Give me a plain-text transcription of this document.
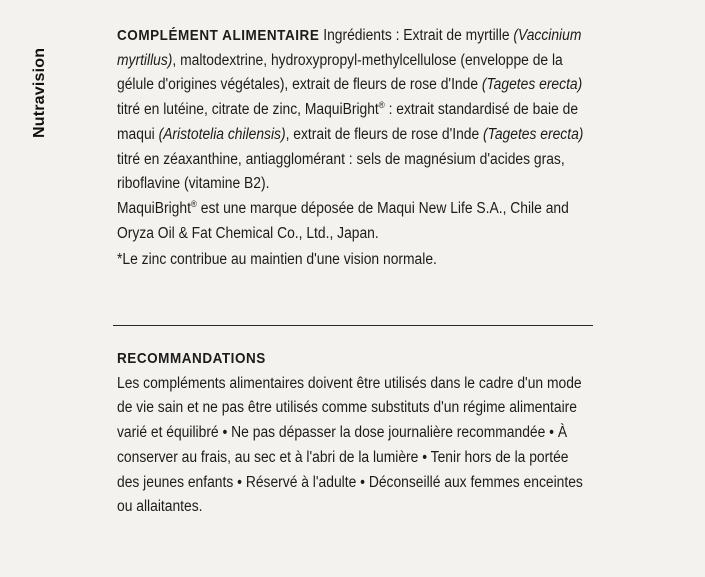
Nutravision

COMPLÉMENT ALIMENTAIRE Ingrédients : Extrait de myrtille (Vaccinium myrtillus), maltodextrine, hydroxypropyl-methylcellulose (enveloppe de la gélule d'origines végétales), extrait de fleurs de rose d'Inde (Tagetes erecta) titré en lutéine, citrate de zinc, MaquiBright® : extrait standardisé de baie de maqui (Aristotelia chilensis), extrait de fleurs de rose d'Inde (Tagetes erecta) titré en zéaxanthine, antiagglomérant : sels de magnésium d'acides gras, riboflavine (vitamine B2).

MaquiBright® est une marque déposée de Maqui New Life S.A., Chile and Oryza Oil & Fat Chemical Co., Ltd., Japan.

*Le zinc contribue au maintien d'une vision normale.

RECOMMANDATIONS

Les compléments alimentaires doivent être utilisés dans le cadre d'un mode de vie sain et ne pas être utilisés comme substituts d'un régime alimentaire varié et équilibré • Ne pas dépasser la dose journalière recommandée • À conserver au frais, au sec et à l'abri de la lumière • Tenir hors de la portée des jeunes enfants • Réservé à l'adulte • Déconseillé aux femmes enceintes ou allaitantes.
